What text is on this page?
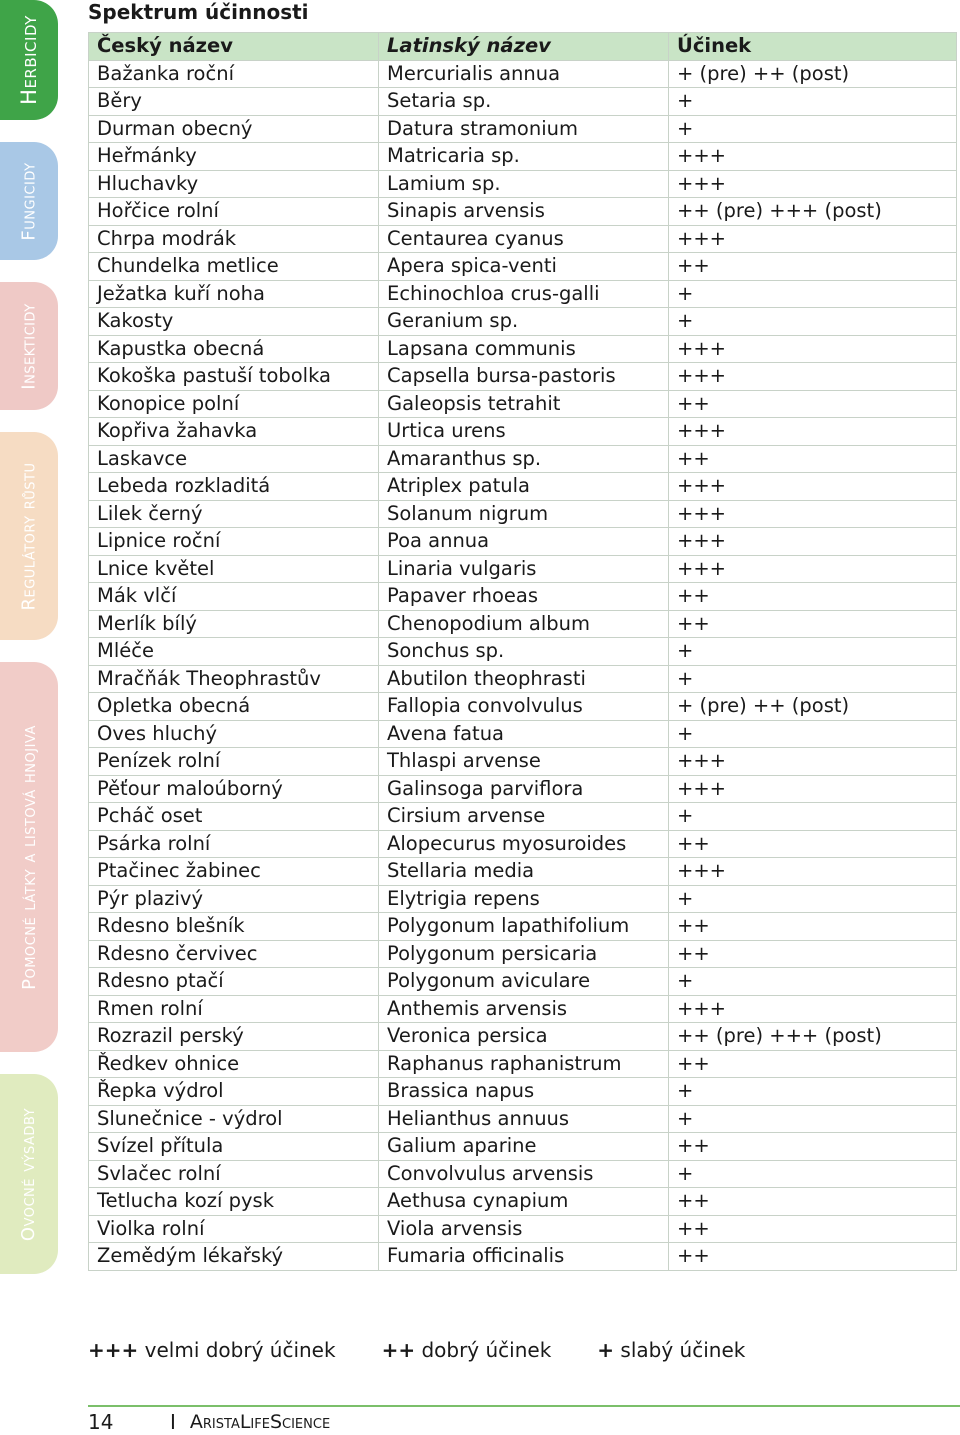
Herbicidy
Fungicidy
Insekticidy
Regulátory růstu
Pomocné látky a listová hnojiva
Ovocné výsadby
Spektrum účinnosti
Český název	Latinský název	Účinek
Bažanka roční	Mercurialis annua	+ (pre) ++ (post)
Běry	Setaria sp.	+
Durman obecný	Datura stramonium	+
Heřmánky	Matricaria sp.	+++
Hluchavky	Lamium sp.	+++
Hořčice rolní	Sinapis arvensis	++ (pre) +++ (post)
Chrpa modrák	Centaurea cyanus	+++
Chundelka metlice	Apera spica-venti	++
Ježatka kuří noha	Echinochloa crus-galli	+
Kakosty	Geranium sp.	+
Kapustka obecná	Lapsana communis	+++
Kokoška pastuší tobolka	Capsella bursa-pastoris	+++
Konopice polní	Galeopsis tetrahit	++
Kopřiva žahavka	Urtica urens	+++
Laskavce	Amaranthus sp.	++
Lebeda rozkladitá	Atriplex patula	+++
Lilek černý	Solanum nigrum	+++
Lipnice roční	Poa annua	+++
Lnice květel	Linaria vulgaris	+++
Mák vlčí	Papaver rhoeas	++
Merlík bílý	Chenopodium album	++
Mléče	Sonchus sp.	+
Mračňák Theophrastův	Abutilon theophrasti	+
Opletka obecná	Fallopia convolvulus	+ (pre) ++ (post)
Oves hluchý	Avena fatua	+
Penízek rolní	Thlaspi arvense	+++
Pěťour maloúborný	Galinsoga parviflora	+++
Pcháč oset	Cirsium arvense	+
Psárka rolní	Alopecurus myosuroides	++
Ptačinec žabinec	Stellaria media	+++
Pýr plazivý	Elytrigia repens	+
Rdesno blešník	Polygonum lapathifolium	++
Rdesno červivec	Polygonum persicaria	++
Rdesno ptačí	Polygonum aviculare	+
Rmen rolní	Anthemis arvensis	+++
Rozrazil perský	Veronica persica	++ (pre) +++ (post)
Ředkev ohnice	Raphanus raphanistrum	++
Řepka výdrol	Brassica napus	+
Slunečnice - výdrol	Helianthus annuus	+
Svízel přítula	Galium aparine	++
Svlačec rolní	Convolvulus arvensis	+
Tetlucha kozí pysk	Aethusa cynapium	++
Violka rolní	Viola arvensis	++
Zemědým lékařský	Fumaria officinalis	++
+++ velmi dobrý účinek ++ dobrý účinek + slabý účinek
14	I AristaLifeScience
